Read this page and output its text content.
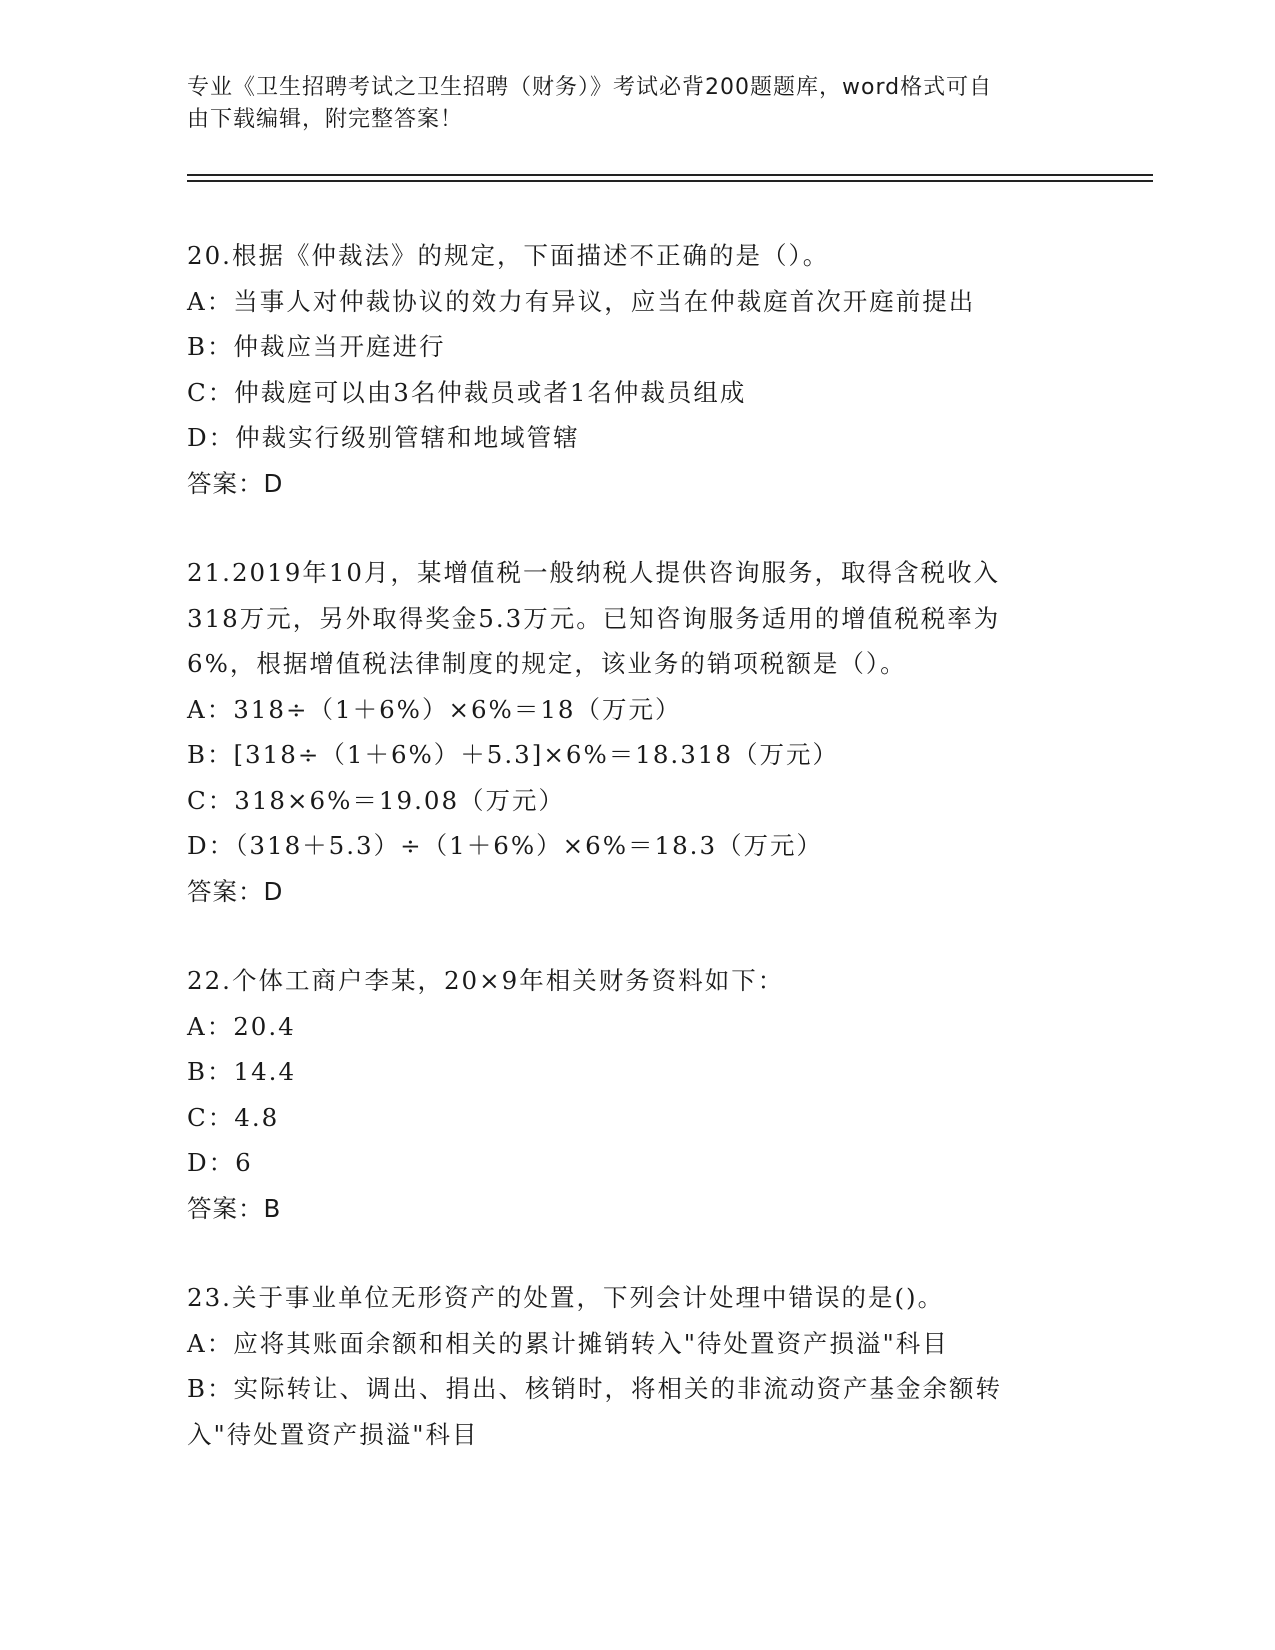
专业《卫生招聘考试之卫生招聘（财务）》考试必背200题题库，word格式可自
由下载编辑，附完整答案！
20.根据《仲裁法》的规定，下面描述不正确的是（）。
A：当事人对仲裁协议的效力有异议，应当在仲裁庭首次开庭前提出
B：仲裁应当开庭进行
C：仲裁庭可以由3名仲裁员或者1名仲裁员组成
D：仲裁实行级别管辖和地域管辖
答案：D
21.2019年10月，某增值税一般纳税人提供咨询服务，取得含税收入
318万元，另外取得奖金5.3万元。已知咨询服务适用的增值税税率为
6%，根据增值税法律制度的规定，该业务的销项税额是（）。
A：318÷（1＋6%）×6%＝18（万元）
B：[318÷（1＋6%）＋5.3]×6%＝18.318（万元）
C：318×6%＝19.08（万元）
D：（318＋5.3）÷（1＋6%）×6%＝18.3（万元）
答案：D
22.个体工商户李某，20×9年相关财务资料如下：
A：20.4
B：14.4
C：4.8
D：6
答案：B
23.关于事业单位无形资产的处置，下列会计处理中错误的是()。
A：应将其账面余额和相关的累计摊销转入"待处置资产损溢"科目
B：实际转让、调出、捐出、核销时，将相关的非流动资产基金余额转
入"待处置资产损溢"科目
